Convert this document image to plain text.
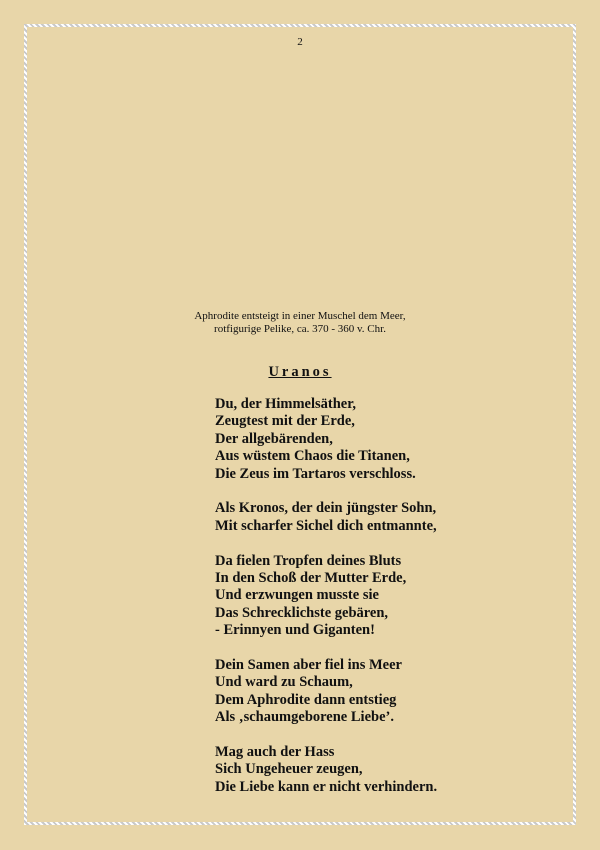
2
Aphrodite entsteigt in einer Muschel dem Meer,
rotfigurige Pelike, ca. 370 - 360 v. Chr.
Uranos
Du, der Himmelsäther,
Zeugtest mit der Erde,
Der allgebärenden,
Aus wüstem Chaos die Titanen,
Die Zeus im Tartaros verschloss.
Als Kronos, der dein jüngster Sohn,
Mit scharfer Sichel dich entmannte,
Da fielen Tropfen deines Bluts
In den Schoß der Mutter Erde,
Und erzwungen musste sie
Das Schrecklichste gebären,
- Erinnyen und Giganten!
Dein Samen aber fiel ins Meer
Und ward zu Schaum,
Dem Aphrodite dann entstieg
Als ‚schaumgeborene Liebe’.
Mag auch der Hass
Sich Ungeheuer zeugen,
Die Liebe kann er nicht verhindern.
